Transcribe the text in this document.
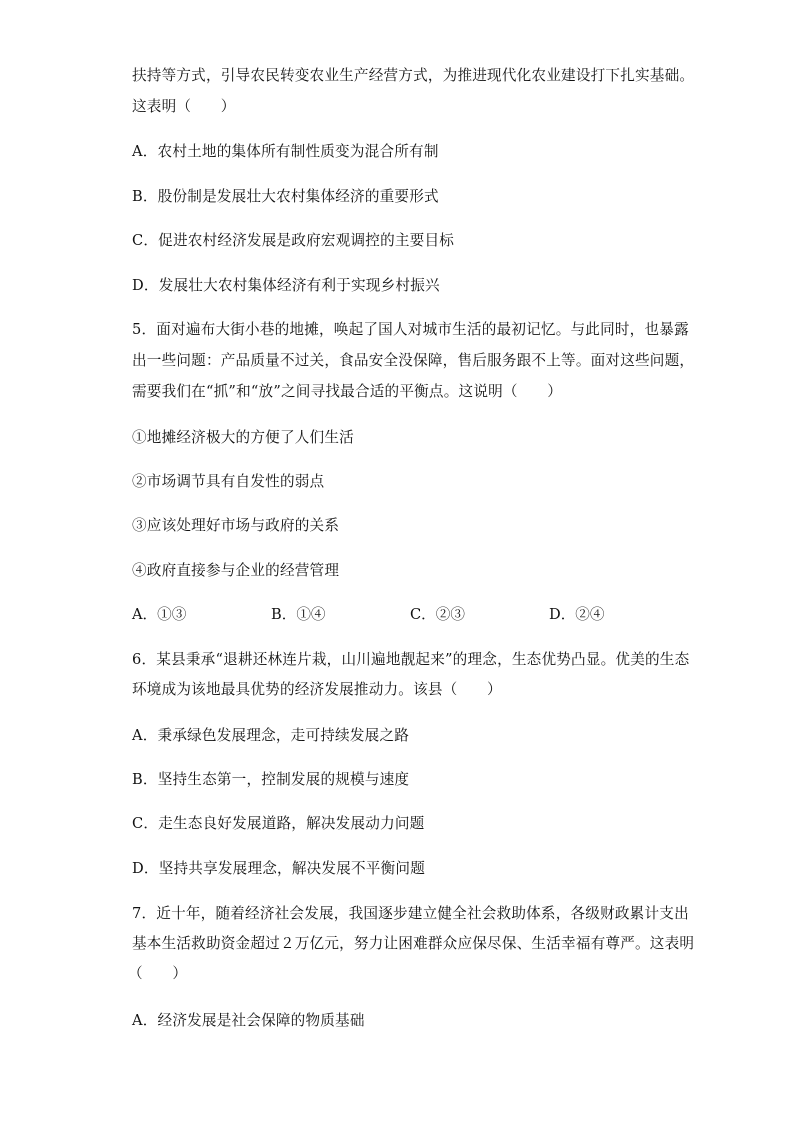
扶持等方式，引导农民转变农业生产经营方式，为推进现代化农业建设打下扎实基础。
这表明（　　）
A．农村土地的集体所有制性质变为混合所有制
B．股份制是发展壮大农村集体经济的重要形式
C．促进农村经济发展是政府宏观调控的主要目标
D．发展壮大农村集体经济有利于实现乡村振兴
5．面对遍布大街小巷的地摊，唤起了国人对城市生活的最初记忆。与此同时，也暴露
出一些问题：产品质量不过关，食品安全没保障，售后服务跟不上等。面对这些问题，
需要我们在“抓”和“放”之间寻找最合适的平衡点。这说明（　　）
①地摊经济极大的方便了人们生活
②市场调节具有自发性的弱点
③应该处理好市场与政府的关系
④政府直接参与企业的经营管理
A．①③	B．①④	C．②③	D．②④
6．某县秉承“退耕还林连片栽，山川遍地靓起来”的理念，生态优势凸显。优美的生态
环境成为该地最具优势的经济发展推动力。该县（　　）
A．秉承绿色发展理念，走可持续发展之路
B．坚持生态第一，控制发展的规模与速度
C．走生态良好发展道路，解决发展动力问题
D．坚持共享发展理念，解决发展不平衡问题
7．近十年，随着经济社会发展，我国逐步建立健全社会救助体系，各级财政累计支出
基本生活救助资金超过２万亿元，努力让困难群众应保尽保、生活幸福有尊严。这表明
（　　）
A．经济发展是社会保障的物质基础
